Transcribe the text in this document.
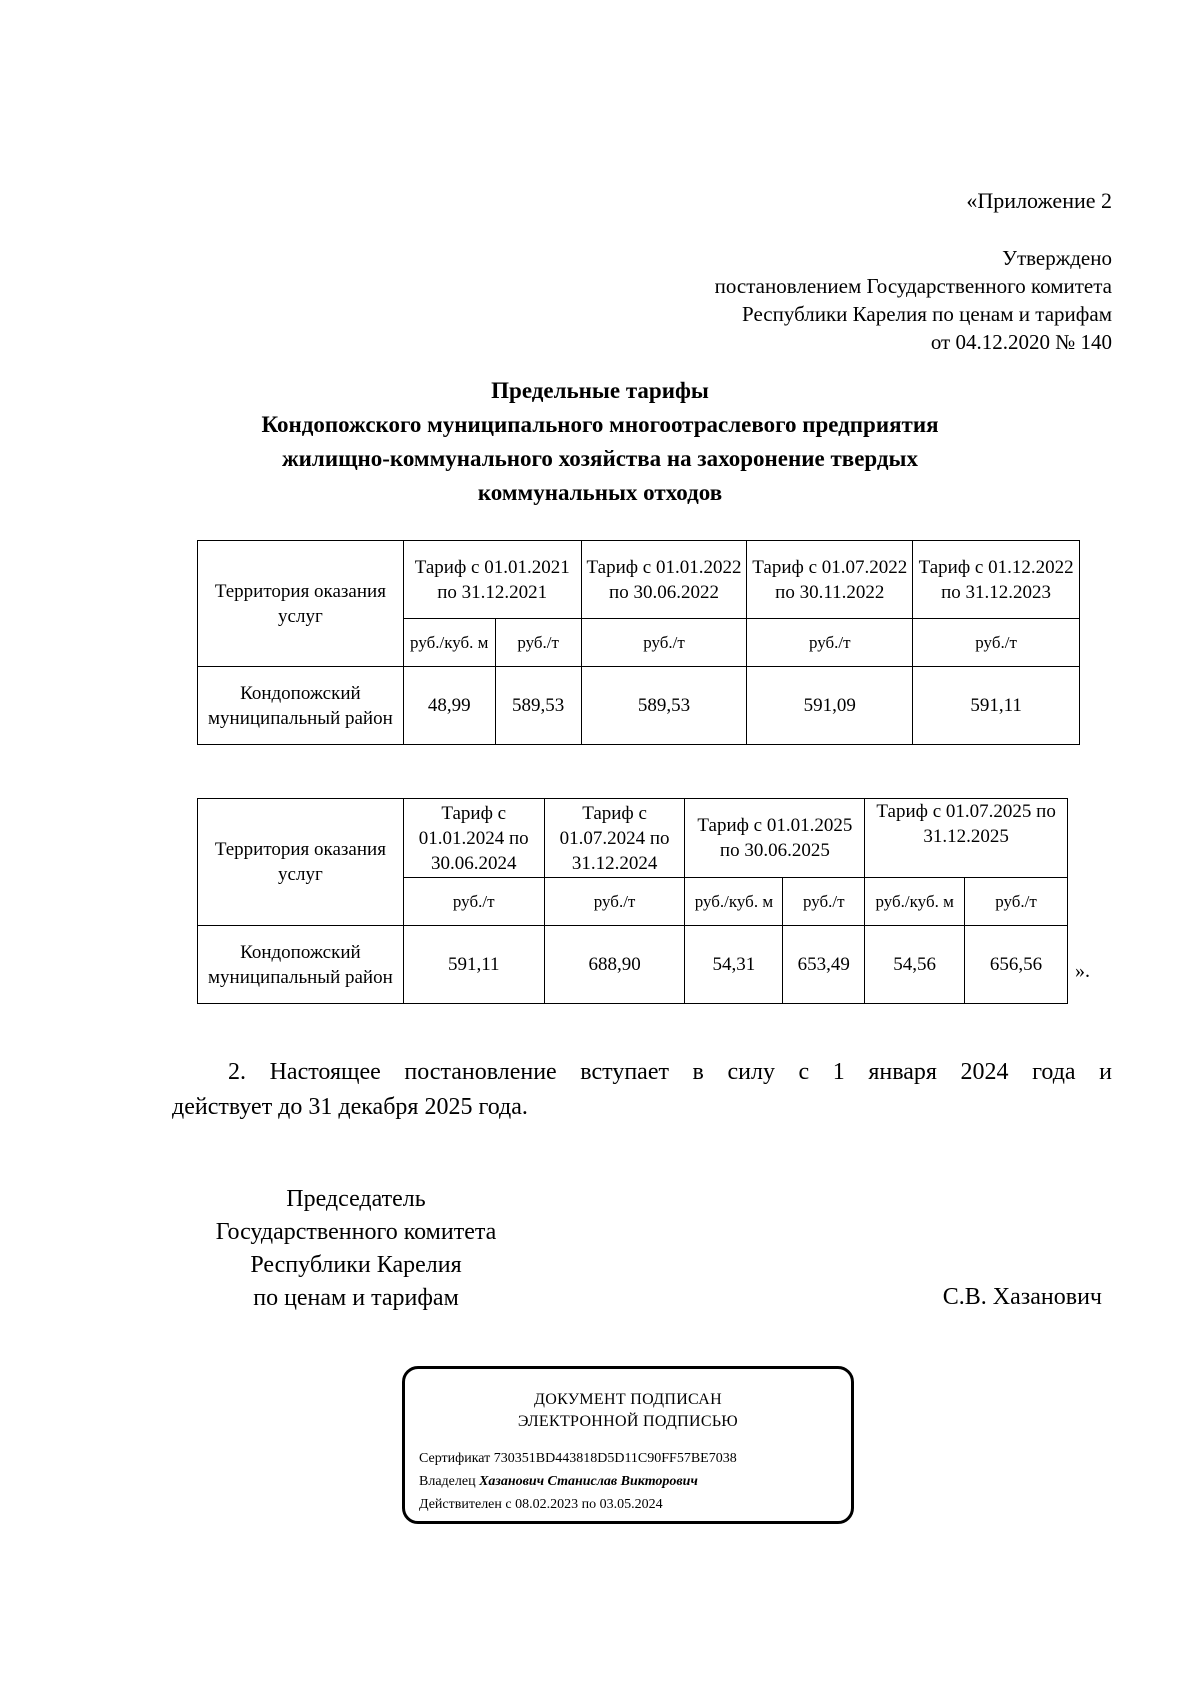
«Приложение 2
Утверждено
постановлением Государственного комитета
Республики Карелия по ценам и тарифам
от 04.12.2020 № 140
Предельные тарифы
Кондопожского муниципального многоотраслевого предприятия
жилищно-коммунального хозяйства на захоронение твердых
коммунальных отходов
Территория оказания услуг	Тариф с 01.01.2021 по 31.12.2021		Тариф с 01.01.2022 по 30.06.2022	Тариф с 01.07.2022 по 30.11.2022	Тариф с 01.12.2022 по 31.12.2023
	руб./куб. м	руб./т	руб./т	руб./т	руб./т
Кондопожский муниципальный район	48,99	589,53	589,53	591,09	591,11
Территория оказания услуг	Тариф с 01.01.2024 по 30.06.2024	Тариф с 01.07.2024 по 31.12.2024	Тариф с 01.01.2025 по 30.06.2025		Тариф с 01.07.2025 по 31.12.2025	
	руб./т	руб./т	руб./куб. м	руб./т	руб./куб. м	руб./т
Кондопожский муниципальный район	591,11	688,90	54,31	653,49	54,56	656,56 ».
2. Настоящее постановление вступает в силу с 1 января 2024 года и
действует до 31 декабря 2025 года.
Председатель
Государственного комитета
Республики Карелия
по ценам и тарифам	С.В. Хазанович
ДОКУМЕНТ ПОДПИСАН
ЭЛЕКТРОННОЙ ПОДПИСЬЮ
Сертификат 730351BD443818D5D11C90FF57BE7038
Владелец Хазанович Станислав Викторович
Действителен с 08.02.2023 по 03.05.2024
